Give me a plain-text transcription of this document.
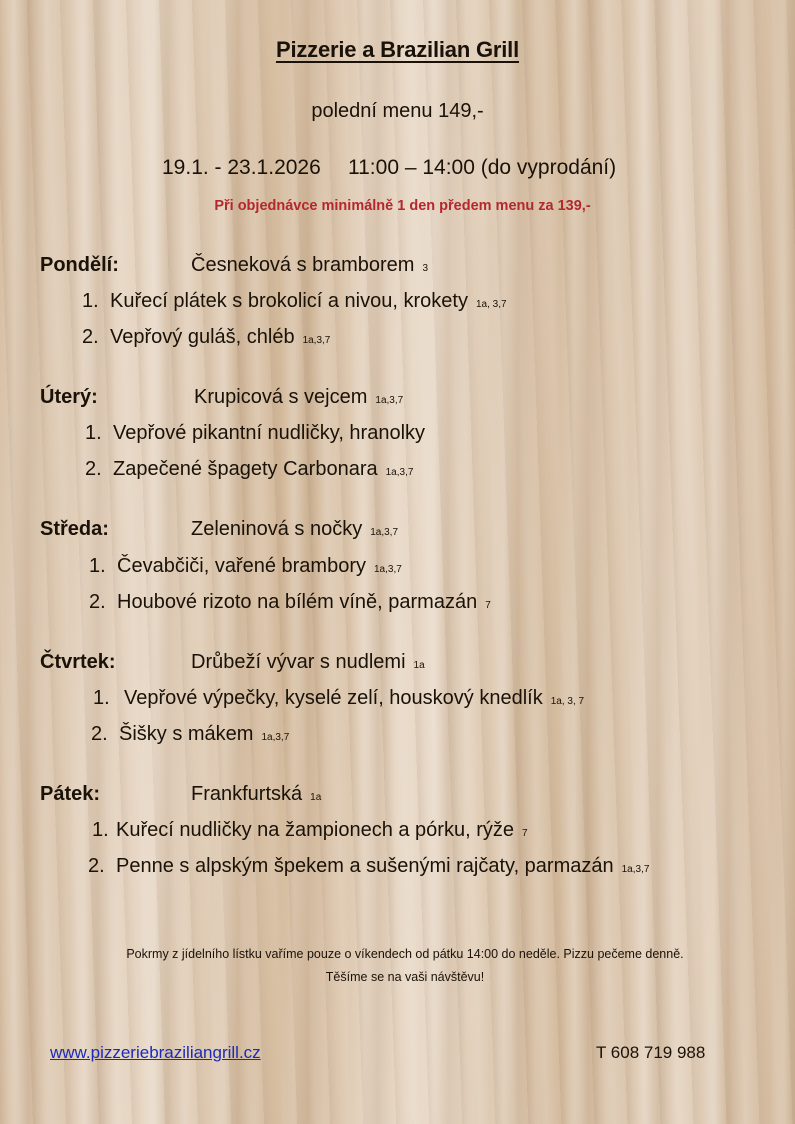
Pizzerie a Brazilian Grill
polední menu 149,-
19.1. - 23.1.2026 11:00 – 14:00 (do vyprodání)
Při objednávce minimálně 1 den předem menu za 139,-
Pondělí:	Česneková s bramborem 3
1. Kuřecí plátek s brokolicí a nivou, krokety 1a, 3,7
2. Vepřový guláš, chléb 1a,3,7
Úterý:	Krupicová s vejcem 1a,3,7
1. Vepřové pikantní nudličky, hranolky
2. Zapečené špagety Carbonara 1a,3,7
Středa:	Zeleninová s nočky 1a,3,7
1. Čevabčiči, vařené brambory 1a,3,7
2. Houbové rizoto na bílém víně, parmazán 7
Čtvrtek:	Drůbeží vývar s nudlemi 1a
1. Vepřové výpečky, kyselé zelí, houskový knedlík 1a, 3, 7
2. Šišky s mákem 1a,3,7
Pátek:	Frankfurtská 1a
1. Kuřecí nudličky na žampionech a pórku, rýže 7
2. Penne s alpským špekem a sušenými rajčaty, parmazán 1a,3,7
Pokrmy z jídelního lístku vaříme pouze o víkendech od pátku 14:00 do neděle. Pizzu pečeme denně.
Těšíme se na vaši návštěvu!
www.pizzeriebraziliangrill.cz	T 608 719 988
